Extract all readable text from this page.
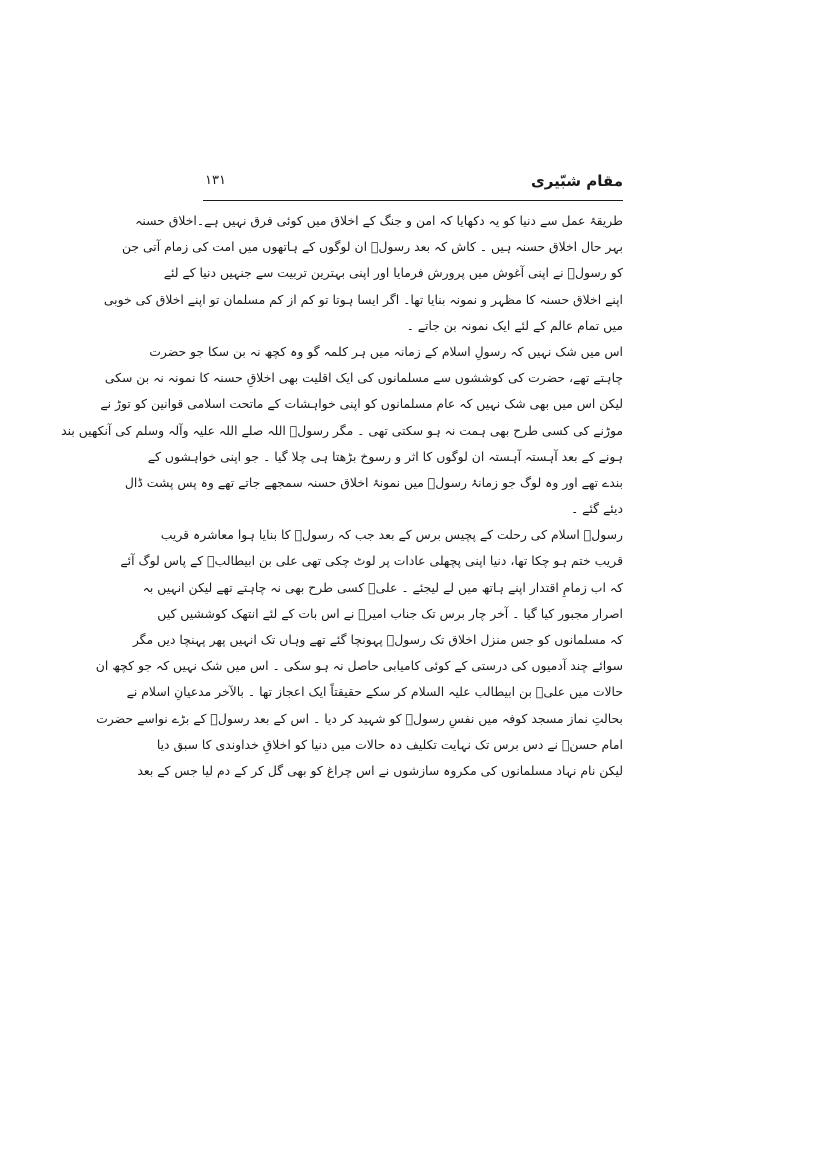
مقام شبّیری
۱۳۱
طریقۂ عمل سے دنیا کو یہ دکھایا کہ امن و جنگ کے اخلاق میں کوئی فرق نہیں ہے۔اخلاق حسنہ
بہر حال اخلاق حسنہ ہیں ۔ کاش کہ بعد رسولؐ ان لوگوں کے ہاتھوں میں امت کی زمام آتی جن
کو رسولؐ نے اپنی آغوش میں پرورش فرمایا اور اپنی بہترین تربیت سے جنہیں دنیا کے لئے
اپنے اخلاق حسنہ کا مظہر و نمونہ بنایا تھا۔ اگر ایسا ہوتا تو کم از کم مسلمان تو اپنے اخلاق کی خوبی
میں تمام عالم کے لئے ایک نمونہ بن جاتے ۔
اس میں شک نہیں کہ رسولِ اسلام کے زمانہ میں ہر کلمہ گو وہ کچھ نہ بن سکا جو حضرت
چاہتے تھے، حضرت کی کوششوں سے مسلمانوں کی ایک اقلیت بھی اخلاقِ حسنہ کا نمونہ نہ بن سکی
لیکن اس میں بھی شک نہیں کہ عام مسلمانوں کو اپنی خواہشات کے ماتحت اسلامی قوانین کو توڑ نے
موڑنے کی کسی طرح بھی ہمت نہ ہو سکتی تھی ۔ مگر رسولؐ اللہ صلے اللہ علیہ وآلہ وسلم کی آنکھیں بند
ہونے کے بعد آہستہ آہستہ ان لوگوں کا اثر و رسوخ بڑھتا ہی چلا گیا ۔ جو اپنی خواہشوں کے
بندے تھے اور وہ لوگ جو زمانۂ رسولؐ میں نمونۂ اخلاق حسنہ سمجھے جاتے تھے وہ پس پشت ڈال
دیئے گئے ۔
رسولؐ اسلام کی رحلت کے پچیس برس کے بعد جب کہ رسولؐ کا بنایا ہوا معاشرہ قریب
قریب ختم ہو چکا تھا، دنیا اپنی پچھلی عادات پر لوٹ چکی تھی علی بن ابیطالبؑ کے پاس لوگ آئے
کہ اب زمامِ اقتدار اپنے ہاتھ میں لے لیجئے ۔ علیؑ کسی طرح بھی نہ چاہتے تھے لیکن انہیں بہ
اصرار مجبور کیا گیا ۔ آخر چار برس تک جناب امیرؑ نے اس بات کے لئے انتھک کوششیں کیں
کہ مسلمانوں کو جس منزل اخلاق تک رسولؐ پہونچا گئے تھے وہاں تک انہیں پھر پہنچا دیں مگر
سوائے چند آدمیوں کی درستی کے کوئی کامیابی حاصل نہ ہو سکی ۔ اس میں شک نہیں کہ جو کچھ ان
حالات میں علیؑ بن ابیطالب علیہ السلام کر سکے حقیقتاً ایک اعجاز تھا ۔ بالآخر مدعیانِ اسلام نے
بحالتِ نماز مسجد کوفہ میں نفسِ رسولؐ کو شہید کر دیا ۔ اس کے بعد رسولؐ کے بڑے نواسے حضرت
امام حسنؑ نے دس برس تک نہایت تکلیف دہ حالات میں دنیا کو اخلاقِ خداوندی کا سبق دیا
لیکن نام نہاد مسلمانوں کی مکروہ سازشوں نے اس چراغ کو بھی گل کر کے دم لیا جس کے بعد
